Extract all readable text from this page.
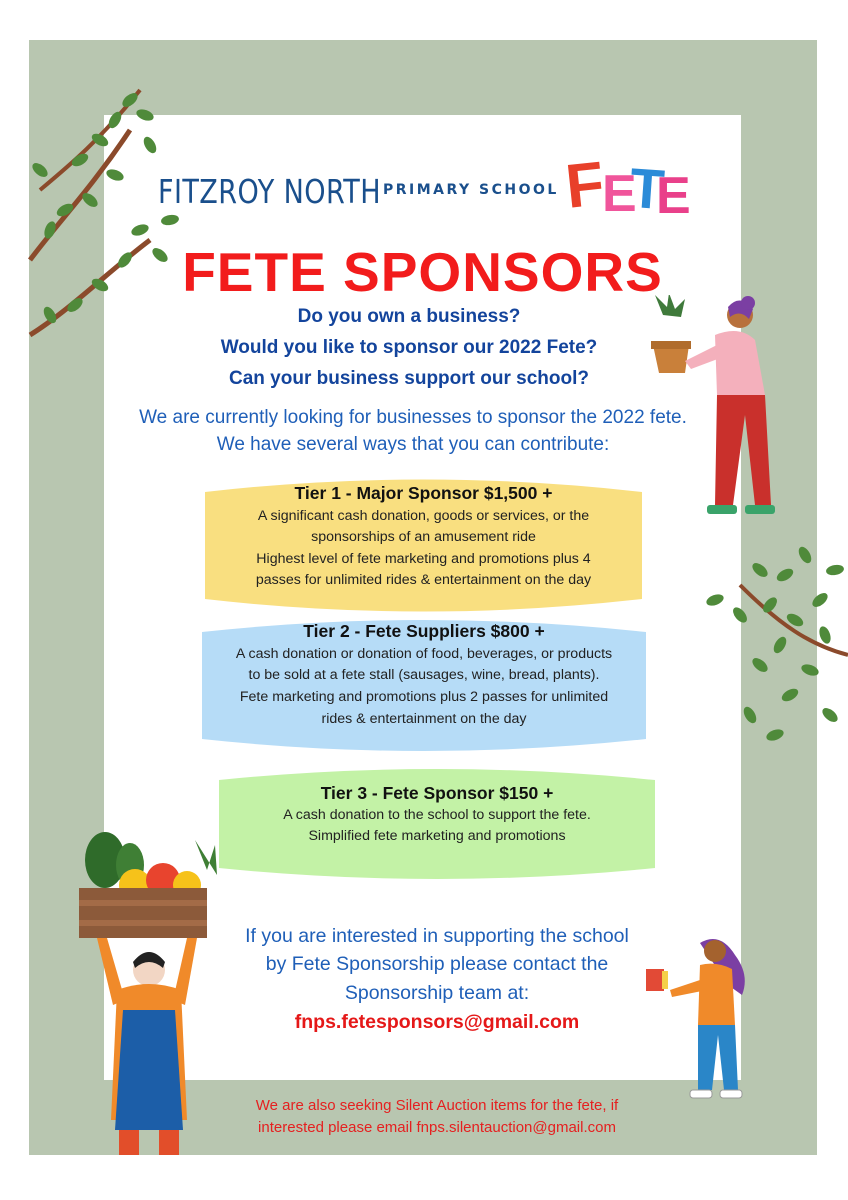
FITZROY NORTH PRIMARY SCHOOL F
E
T
E
FETE SPONSORS
Do you own a business?
Would you like to sponsor our 2022 Fete?
Can your business support our school?
We are currently looking for businesses to sponsor the 2022 fete.
We have several ways that you can contribute:
Tier 1 - Major Sponsor $1,500 +
A significant cash donation, goods or services, or the
sponsorships of an amusement ride
Highest level of fete marketing and promotions plus 4
passes for unlimited rides & entertainment on the day
Tier 2 - Fete Suppliers $800 +
A cash donation or donation of food, beverages, or products
to be sold at a fete stall (sausages, wine, bread, plants).
Fete marketing and promotions plus 2 passes for unlimited
rides & entertainment on the day
Tier 3 - Fete Sponsor $150 +
A cash donation to the school to support the fete.
Simplified fete marketing and promotions
If you are interested in supporting the school
by Fete Sponsorship please contact the
Sponsorship team at:
fnps.fetesponsors@gmail.com
We are also seeking Silent Auction items for the fete, if
interested please email fnps.silentauction@gmail.com
